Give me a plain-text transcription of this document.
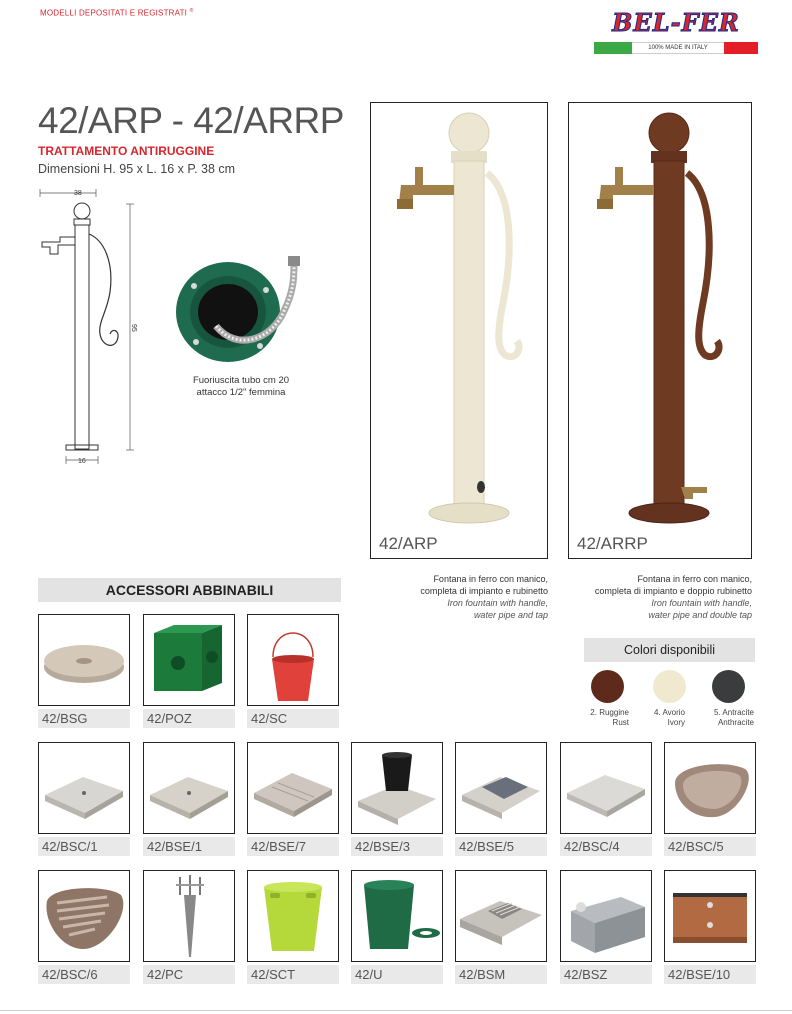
MODELLI DEPOSITATI E REGISTRATI ®	BEL-FER
100% MADE IN ITALY
42/ARP - 42/ARRP
TRATTAMENTO ANTIRUGGINE
Dimensioni H. 95 x L. 16 x P. 38 cm
38
95
16
Fuoriuscita tubo cm 20
attacco 1/2" femmina
42/ARP	42/ARRP
Fontana in ferro con manico,
completa di impianto e rubinetto
Iron fountain with handle,
water pipe and tap
Fontana in ferro con manico,
completa di impianto e doppio rubinetto
Iron fountain with handle,
water pipe and double tap
ACCESSORI ABBINABILI
Colori disponibili
2. Ruggine
Rust
4. Avorio
Ivory
5. Antracite
Anthracite
42/BSG	42/POZ	42/SC
42/BSC/1	42/BSE/1	42/BSE/7	42/BSE/3	42/BSE/5	42/BSC/4	42/BSC/5
42/BSC/6	42/PC	42/SCT	42/U	42/BSM	42/BSZ	42/BSE/10
